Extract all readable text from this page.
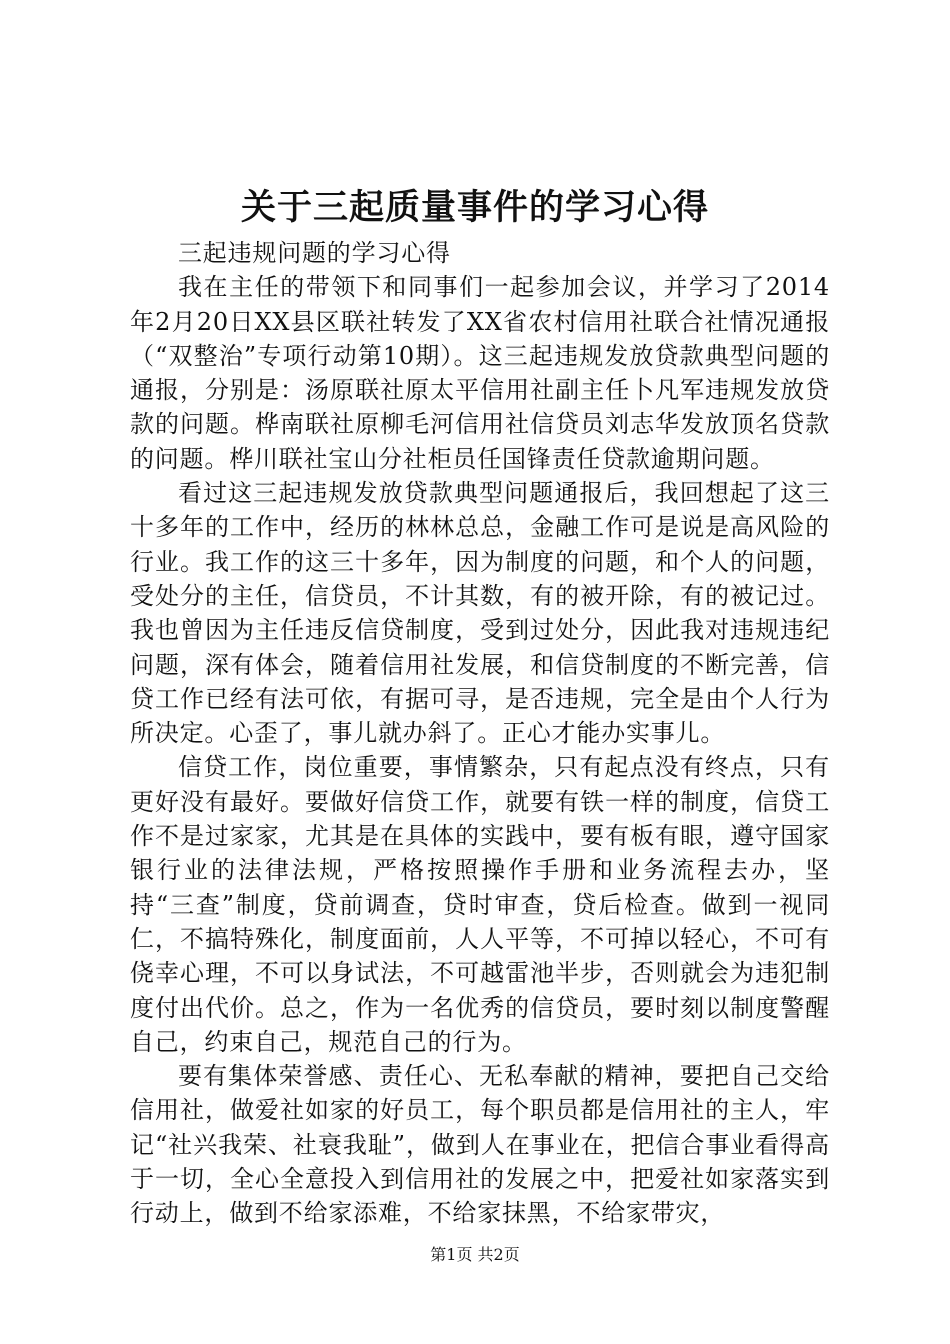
关于三起质量事件的学习心得

三起违规问题的学习心得

我在主任的带领下和同事们一起参加会议，并学习了2014年2月20日XX县区联社转发了XX省农村信用社联合社情况通报（“双整治”专项行动第10期）。这三起违规发放贷款典型问题的通报，分别是：汤原联社原太平信用社副主任卜凡军违规发放贷款的问题。桦南联社原柳毛河信用社信贷员刘志华发放顶名贷款的问题。桦川联社宝山分社柜员任国锋责任贷款逾期问题。

看过这三起违规发放贷款典型问题通报后，我回想起了这三十多年的工作中，经历的林林总总，金融工作可是说是高风险的行业。我工作的这三十多年，因为制度的问题，和个人的问题，受处分的主任，信贷员，不计其数，有的被开除，有的被记过。我也曾因为主任违反信贷制度，受到过处分，因此我对违规违纪问题，深有体会，随着信用社发展，和信贷制度的不断完善，信贷工作已经有法可依，有据可寻，是否违规，完全是由个人行为所决定。心歪了，事儿就办斜了。正心才能办实事儿。

信贷工作，岗位重要，事情繁杂，只有起点没有终点，只有更好没有最好。要做好信贷工作，就要有铁一样的制度，信贷工作不是过家家，尤其是在具体的实践中，要有板有眼，遵守国家银行业的法律法规，严格按照操作手册和业务流程去办，坚持“三查”制度，贷前调查，贷时审查，贷后检查。做到一视同仁，不搞特殊化，制度面前，人人平等，不可掉以轻心，不可有侥幸心理，不可以身试法，不可越雷池半步，否则就会为违犯制度付出代价。总之，作为一名优秀的信贷员，要时刻以制度警醒自己，约束自己，规范自己的行为。

要有集体荣誉感、责任心、无私奉献的精神，要把自己交给信用社，做爱社如家的好员工，每个职员都是信用社的主人，牢记“社兴我荣、社衰我耻”，做到人在事业在，把信合事业看得高于一切，全心全意投入到信用社的发展之中，把爱社如家落实到行动上，做到不给家添难，不给家抹黑，不给家带灾，

第1页 共2页
